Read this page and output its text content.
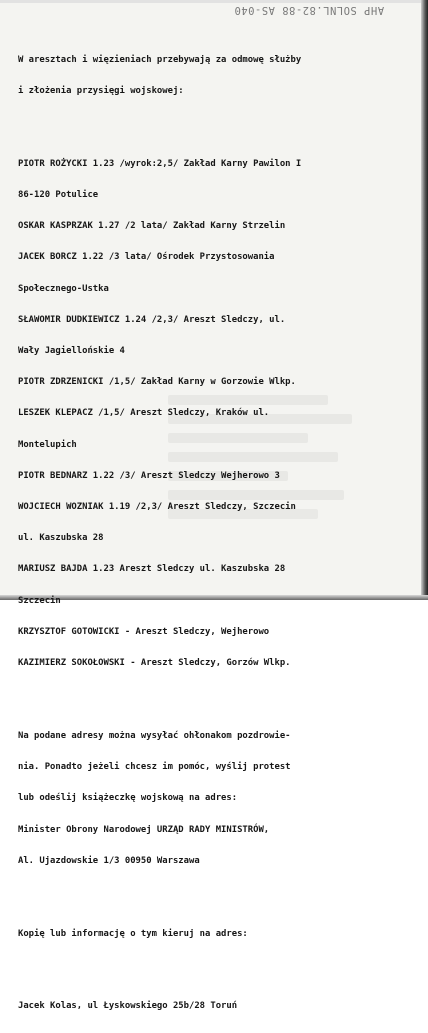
AHP SOLNL.82-88 AS-040

W aresztach i więzieniach przebywają za odmowę służby

i złożenia przysięgi wojskowej:

PIOTR ROŻYCKI 1.23 /wyrok:2,5/ Zakład Karny Pawilon I

86-120 Potulice

OSKAR KASPRZAK 1.27 /2 lata/ Zakład Karny Strzelin

JACEK BORCZ 1.22 /3 lata/ Ośrodek Przystosowania

Społecznego-Ustka

SŁAWOMIR DUDKIEWICZ 1.24 /2,3/ Areszt Sledczy, ul.

Wały Jagiellońskie 4

PIOTR ZDRZENICKI /1,5/ Zakład Karny w Gorzowie Wlkp.

LESZEK KLEPACZ /1,5/ Areszt Sledczy, Kraków ul.

Montelupich

PIOTR BEDNARZ 1.22 /3/ Areszt Sledczy Wejherowo 3

WOJCIECH WOZNIAK 1.19 /2,3/ Areszt Sledczy, Szczecin

ul. Kaszubska 28

MARIUSZ BAJDA 1.23 Areszt Sledczy ul. Kaszubska 28

Szczecin

KRZYSZTOF GOTOWICKI - Areszt Sledczy, Wejherowo

KAZIMIERZ SOKOŁOWSKI - Areszt Sledczy, Gorzów Wlkp.

Na podane adresy można wysyłać ohłonakom pozdrowie-

nia. Ponadto jeżeli chcesz im pomóc, wyślij protest

lub odeślij książeczkę wojskową na adres:

Minister Obrony Narodowej URZĄD RADY MINISTRÓW,

Al. Ujazdowskie 1/3 00950 Warszawa

Kopię lub informację o tym kieruj na adres:

Jacek Kolas, ul Łyskowskiego 25b/28 Toruń
